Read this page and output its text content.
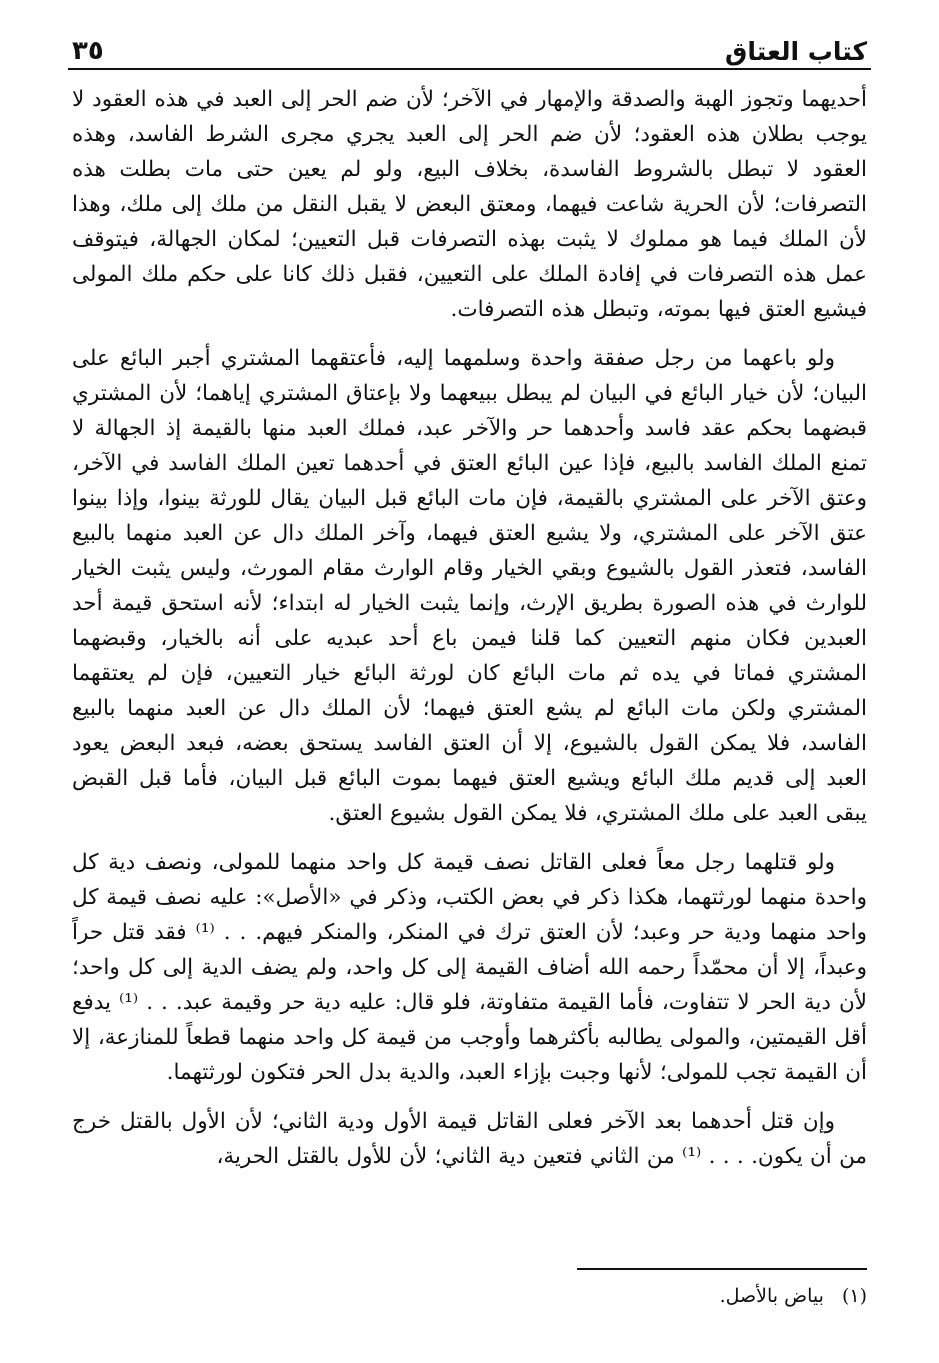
كتاب العتاق
٣٥

أحديهما وتجوز الهبة والصدقة والإمهار في الآخر؛ لأن ضم الحر إلى العبد في هذه العقود لا يوجب بطلان هذه العقود؛ لأن ضم الحر إلى العبد يجري مجرى الشرط الفاسد، وهذه العقود لا تبطل بالشروط الفاسدة، بخلاف البيع، ولو لم يعين حتى مات بطلت هذه التصرفات؛ لأن الحرية شاعت فيهما، ومعتق البعض لا يقبل النقل من ملك إلى ملك، وهذا لأن الملك فيما هو مملوك لا يثبت بهذه التصرفات قبل التعيين؛ لمكان الجهالة، فيتوقف عمل هذه التصرفات في إفادة الملك على التعيين، فقبل ذلك كانا على حكم ملك المولى فيشيع العتق فيها بموته، وتبطل هذه التصرفات.

ولو باعهما من رجل صفقة واحدة وسلمهما إليه، فأعتقهما المشتري أجبر البائع على البيان؛ لأن خيار البائع في البيان لم يبطل ببيعهما ولا بإعتاق المشتري إياهما؛ لأن المشتري قبضهما بحكم عقد فاسد وأحدهما حر والآخر عبد، فملك العبد منها بالقيمة إذ الجهالة لا تمنع الملك الفاسد بالبيع، فإذا عين البائع العتق في أحدهما تعين الملك الفاسد في الآخر، وعتق الآخر على المشتري بالقيمة، فإن مات البائع قبل البيان يقال للورثة بينوا، وإذا بينوا عتق الآخر على المشتري، ولا يشيع العتق فيهما، وآخر الملك دال عن العبد منهما بالبيع الفاسد، فتعذر القول بالشيوع وبقي الخيار وقام الوارث مقام المورث، وليس يثبت الخيار للوارث في هذه الصورة بطريق الإرث، وإنما يثبت الخيار له ابتداء؛ لأنه استحق قيمة أحد العبدين فكان منهم التعيين كما قلنا فيمن باع أحد عبديه على أنه بالخيار، وقبضهما المشتري فماتا في يده ثم مات البائع كان لورثة البائع خيار التعيين، فإن لم يعتقهما المشتري ولكن مات البائع لم يشع العتق فيهما؛ لأن الملك دال عن العبد منهما بالبيع الفاسد، فلا يمكن القول بالشيوع، إلا أن العتق الفاسد يستحق بعضه، فبعد البعض يعود العبد إلى قديم ملك البائع ويشيع العتق فيهما بموت البائع قبل البيان، فأما قبل القبض يبقى العبد على ملك المشتري، فلا يمكن القول بشيوع العتق.

ولو قتلهما رجل معاً فعلى القاتل نصف قيمة كل واحد منهما للمولى، ونصف دية كل واحدة منهما لورثتهما، هكذا ذكر في بعض الكتب، وذكر في «الأصل»: عليه نصف قيمة كل واحد منهما ودية حر وعبد؛ لأن العتق ترك في المنكر، والمنكر فيهم. . . ⁽¹⁾ فقد قتل حراً وعبداً، إلا أن محمّداً رحمه الله أضاف القيمة إلى كل واحد، ولم يضف الدية إلى كل واحد؛ لأن دية الحر لا تتفاوت، فأما القيمة متفاوتة، فلو قال: عليه دية حر وقيمة عبد. . . ⁽¹⁾ يدفع أقل القيمتين، والمولى يطالبه بأكثرهما وأوجب من قيمة كل واحد منهما قطعاً للمنازعة، إلا أن القيمة تجب للمولى؛ لأنها وجبت بإزاء العبد، والدية بدل الحر فتكون لورثتهما.

وإن قتل أحدهما بعد الآخر فعلى القاتل قيمة الأول ودية الثاني؛ لأن الأول بالقتل خرج من أن يكون. . . . ⁽¹⁾ من الثاني فتعين دية الثاني؛ لأن للأول بالقتل الحرية،

(١) بياض بالأصل.
